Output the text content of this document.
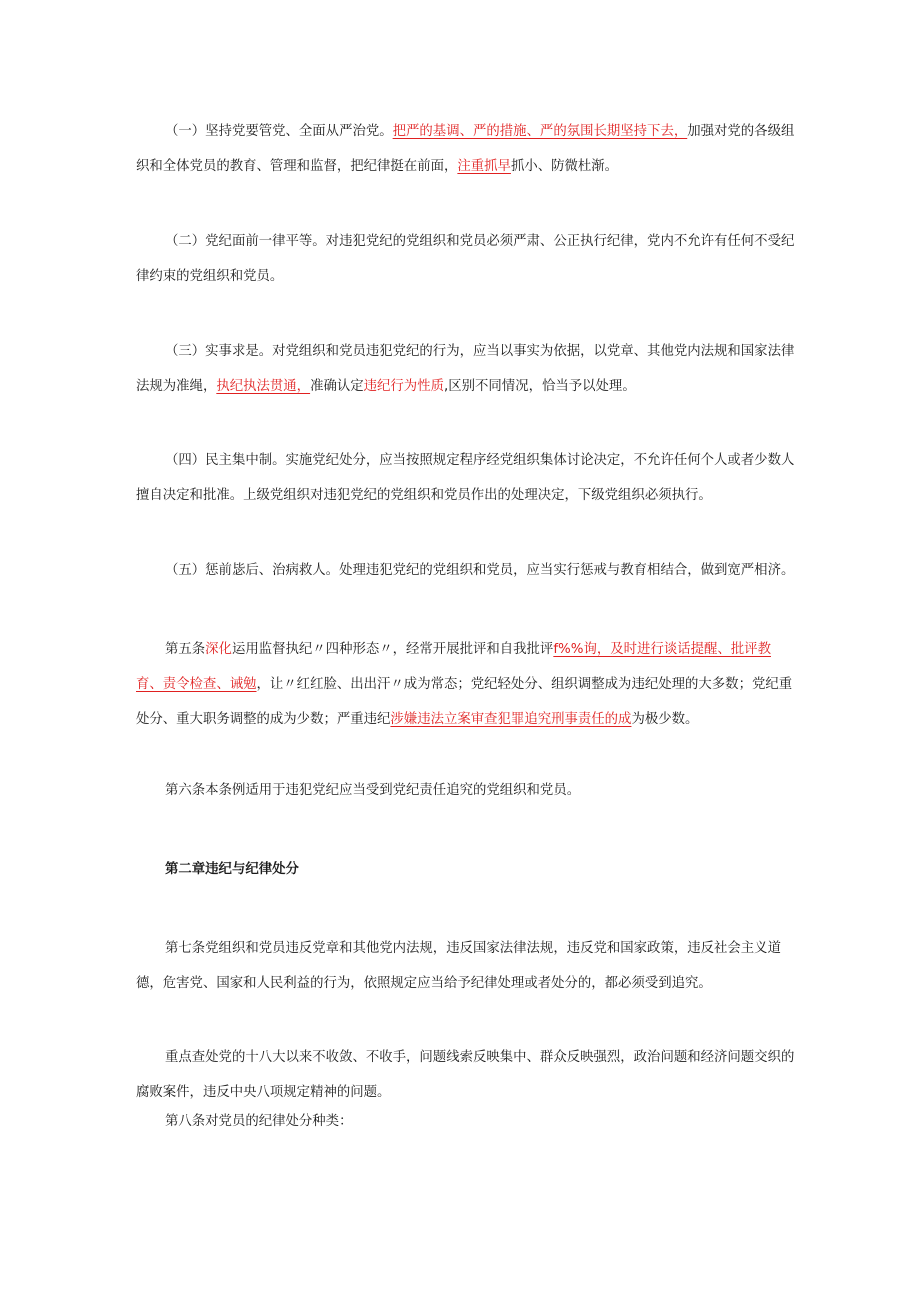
（一）坚持党要管党、全面从严治党。把严的基调、严的措施、严的氛围长期坚持下去，加强对党的各级组织和全体党员的教育、管理和监督，把纪律挺在前面，注重抓早抓小、防微杜渐。

（二）党纪面前一律平等。对违犯党纪的党组织和党员必须严肃、公正执行纪律，党内不允许有任何不受纪律约束的党组织和党员。

（三）实事求是。对党组织和党员违犯党纪的行为，应当以事实为依据，以党章、其他党内法规和国家法律法规为准绳，执纪执法贯通，准确认定违纪行为性质,区别不同情况，恰当予以处理。

（四）民主集中制。实施党纪处分，应当按照规定程序经党组织集体讨论决定，不允许任何个人或者少数人擅自决定和批准。上级党组织对违犯党纪的党组织和党员作出的处理决定，下级党组织必须执行。

（五）惩前毖后、治病救人。处理违犯党纪的党组织和党员，应当实行惩戒与教育相结合，做到宽严相济。

第五条深化运用监督执纪〃四种形态〃，经常开展批评和自我批评f%%询，及时进行谈话提醒、批评教育、责令检查、诫勉，让〃红红脸、出出汗〃成为常态；党纪轻处分、组织调整成为违纪处理的大多数；党纪重处分、重大职务调整的成为少数；严重违纪涉嫌违法立案审查犯罪追究刑事责任的成为极少数。

第六条本条例适用于违犯党纪应当受到党纪责任追究的党组织和党员。

第二章违纪与纪律处分

第七条党组织和党员违反党章和其他党内法规，违反国家法律法规，违反党和国家政策，违反社会主义道德，危害党、国家和人民利益的行为，依照规定应当给予纪律处理或者处分的，都必须受到追究。

重点查处党的十八大以来不收敛、不收手，问题线索反映集中、群众反映强烈，政治问题和经济问题交织的腐败案件，违反中央八项规定精神的问题。

第八条对党员的纪律处分种类：
